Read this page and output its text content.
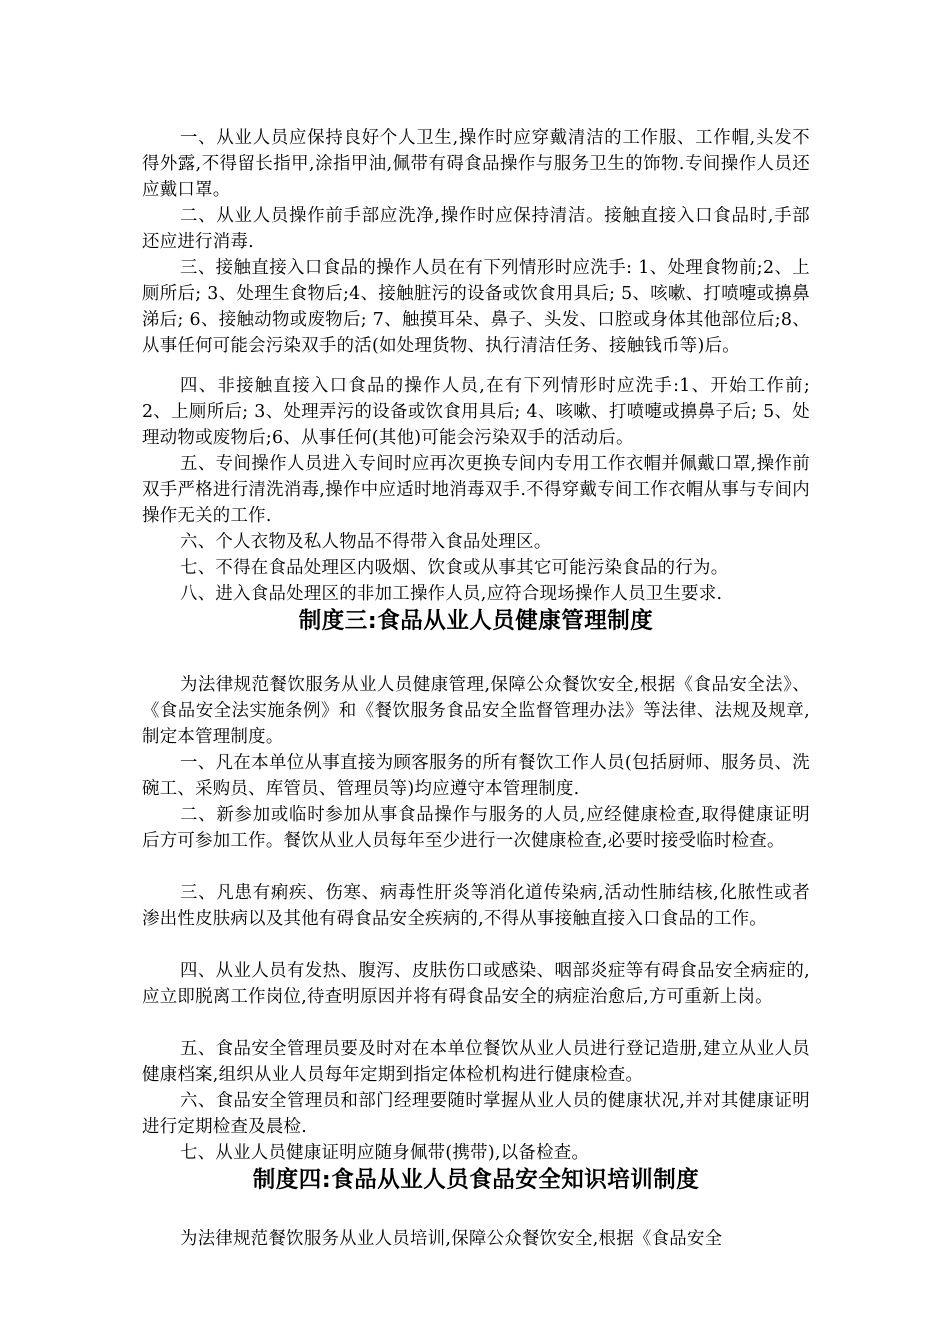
一、从业人员应保持良好个人卫生,操作时应穿戴清洁的工作服、工作帽,头发不得外露,不得留长指甲,涂指甲油,佩带有碍食品操作与服务卫生的饰物.专间操作人员还应戴口罩。

二、从业人员操作前手部应洗净,操作时应保持清洁。接触直接入口食品时,手部还应进行消毒.

三、接触直接入口食品的操作人员在有下列情形时应洗手: 1、处理食物前;2、上厕所后; 3、处理生食物后;4、接触脏污的设备或饮食用具后; 5、咳嗽、打喷嚏或擤鼻涕后; 6、接触动物或废物后; 7、触摸耳朵、鼻子、头发、口腔或身体其他部位后;8、从事任何可能会污染双手的活(如处理货物、执行清洁任务、接触钱币等)后。

四、非接触直接入口食品的操作人员,在有下列情形时应洗手:1、开始工作前; 2、上厕所后; 3、处理弄污的设备或饮食用具后; 4、咳嗽、打喷嚏或擤鼻子后; 5、处理动物或废物后;6、从事任何(其他)可能会污染双手的活动后。

五、专间操作人员进入专间时应再次更换专间内专用工作衣帽并佩戴口罩,操作前双手严格进行清洗消毒,操作中应适时地消毒双手.不得穿戴专间工作衣帽从事与专间内操作无关的工作.

六、个人衣物及私人物品不得带入食品处理区。

七、不得在食品处理区内吸烟、饮食或从事其它可能污染食品的行为。

八、进入食品处理区的非加工操作人员,应符合现场操作人员卫生要求.

制度三:食品从业人员健康管理制度

为法律规范餐饮服务从业人员健康管理,保障公众餐饮安全,根据《食品安全法》、《食品安全法实施条例》和《餐饮服务食品安全监督管理办法》等法律、法规及规章,制定本管理制度。

一、凡在本单位从事直接为顾客服务的所有餐饮工作人员(包括厨师、服务员、洗碗工、采购员、库管员、管理员等)均应遵守本管理制度.

二、新参加或临时参加从事食品操作与服务的人员,应经健康检查,取得健康证明后方可参加工作。餐饮从业人员每年至少进行一次健康检查,必要时接受临时检查。

三、凡患有痢疾、伤寒、病毒性肝炎等消化道传染病,活动性肺结核,化脓性或者渗出性皮肤病以及其他有碍食品安全疾病的,不得从事接触直接入口食品的工作。

四、从业人员有发热、腹泻、皮肤伤口或感染、咽部炎症等有碍食品安全病症的,应立即脱离工作岗位,待查明原因并将有碍食品安全的病症治愈后,方可重新上岗。

五、食品安全管理员要及时对在本单位餐饮从业人员进行登记造册,建立从业人员健康档案,组织从业人员每年定期到指定体检机构进行健康检查。

六、食品安全管理员和部门经理要随时掌握从业人员的健康状况,并对其健康证明进行定期检查及晨检.

七、从业人员健康证明应随身佩带(携带),以备检查。

制度四:食品从业人员食品安全知识培训制度

为法律规范餐饮服务从业人员培训,保障公众餐饮安全,根据《食品安全
